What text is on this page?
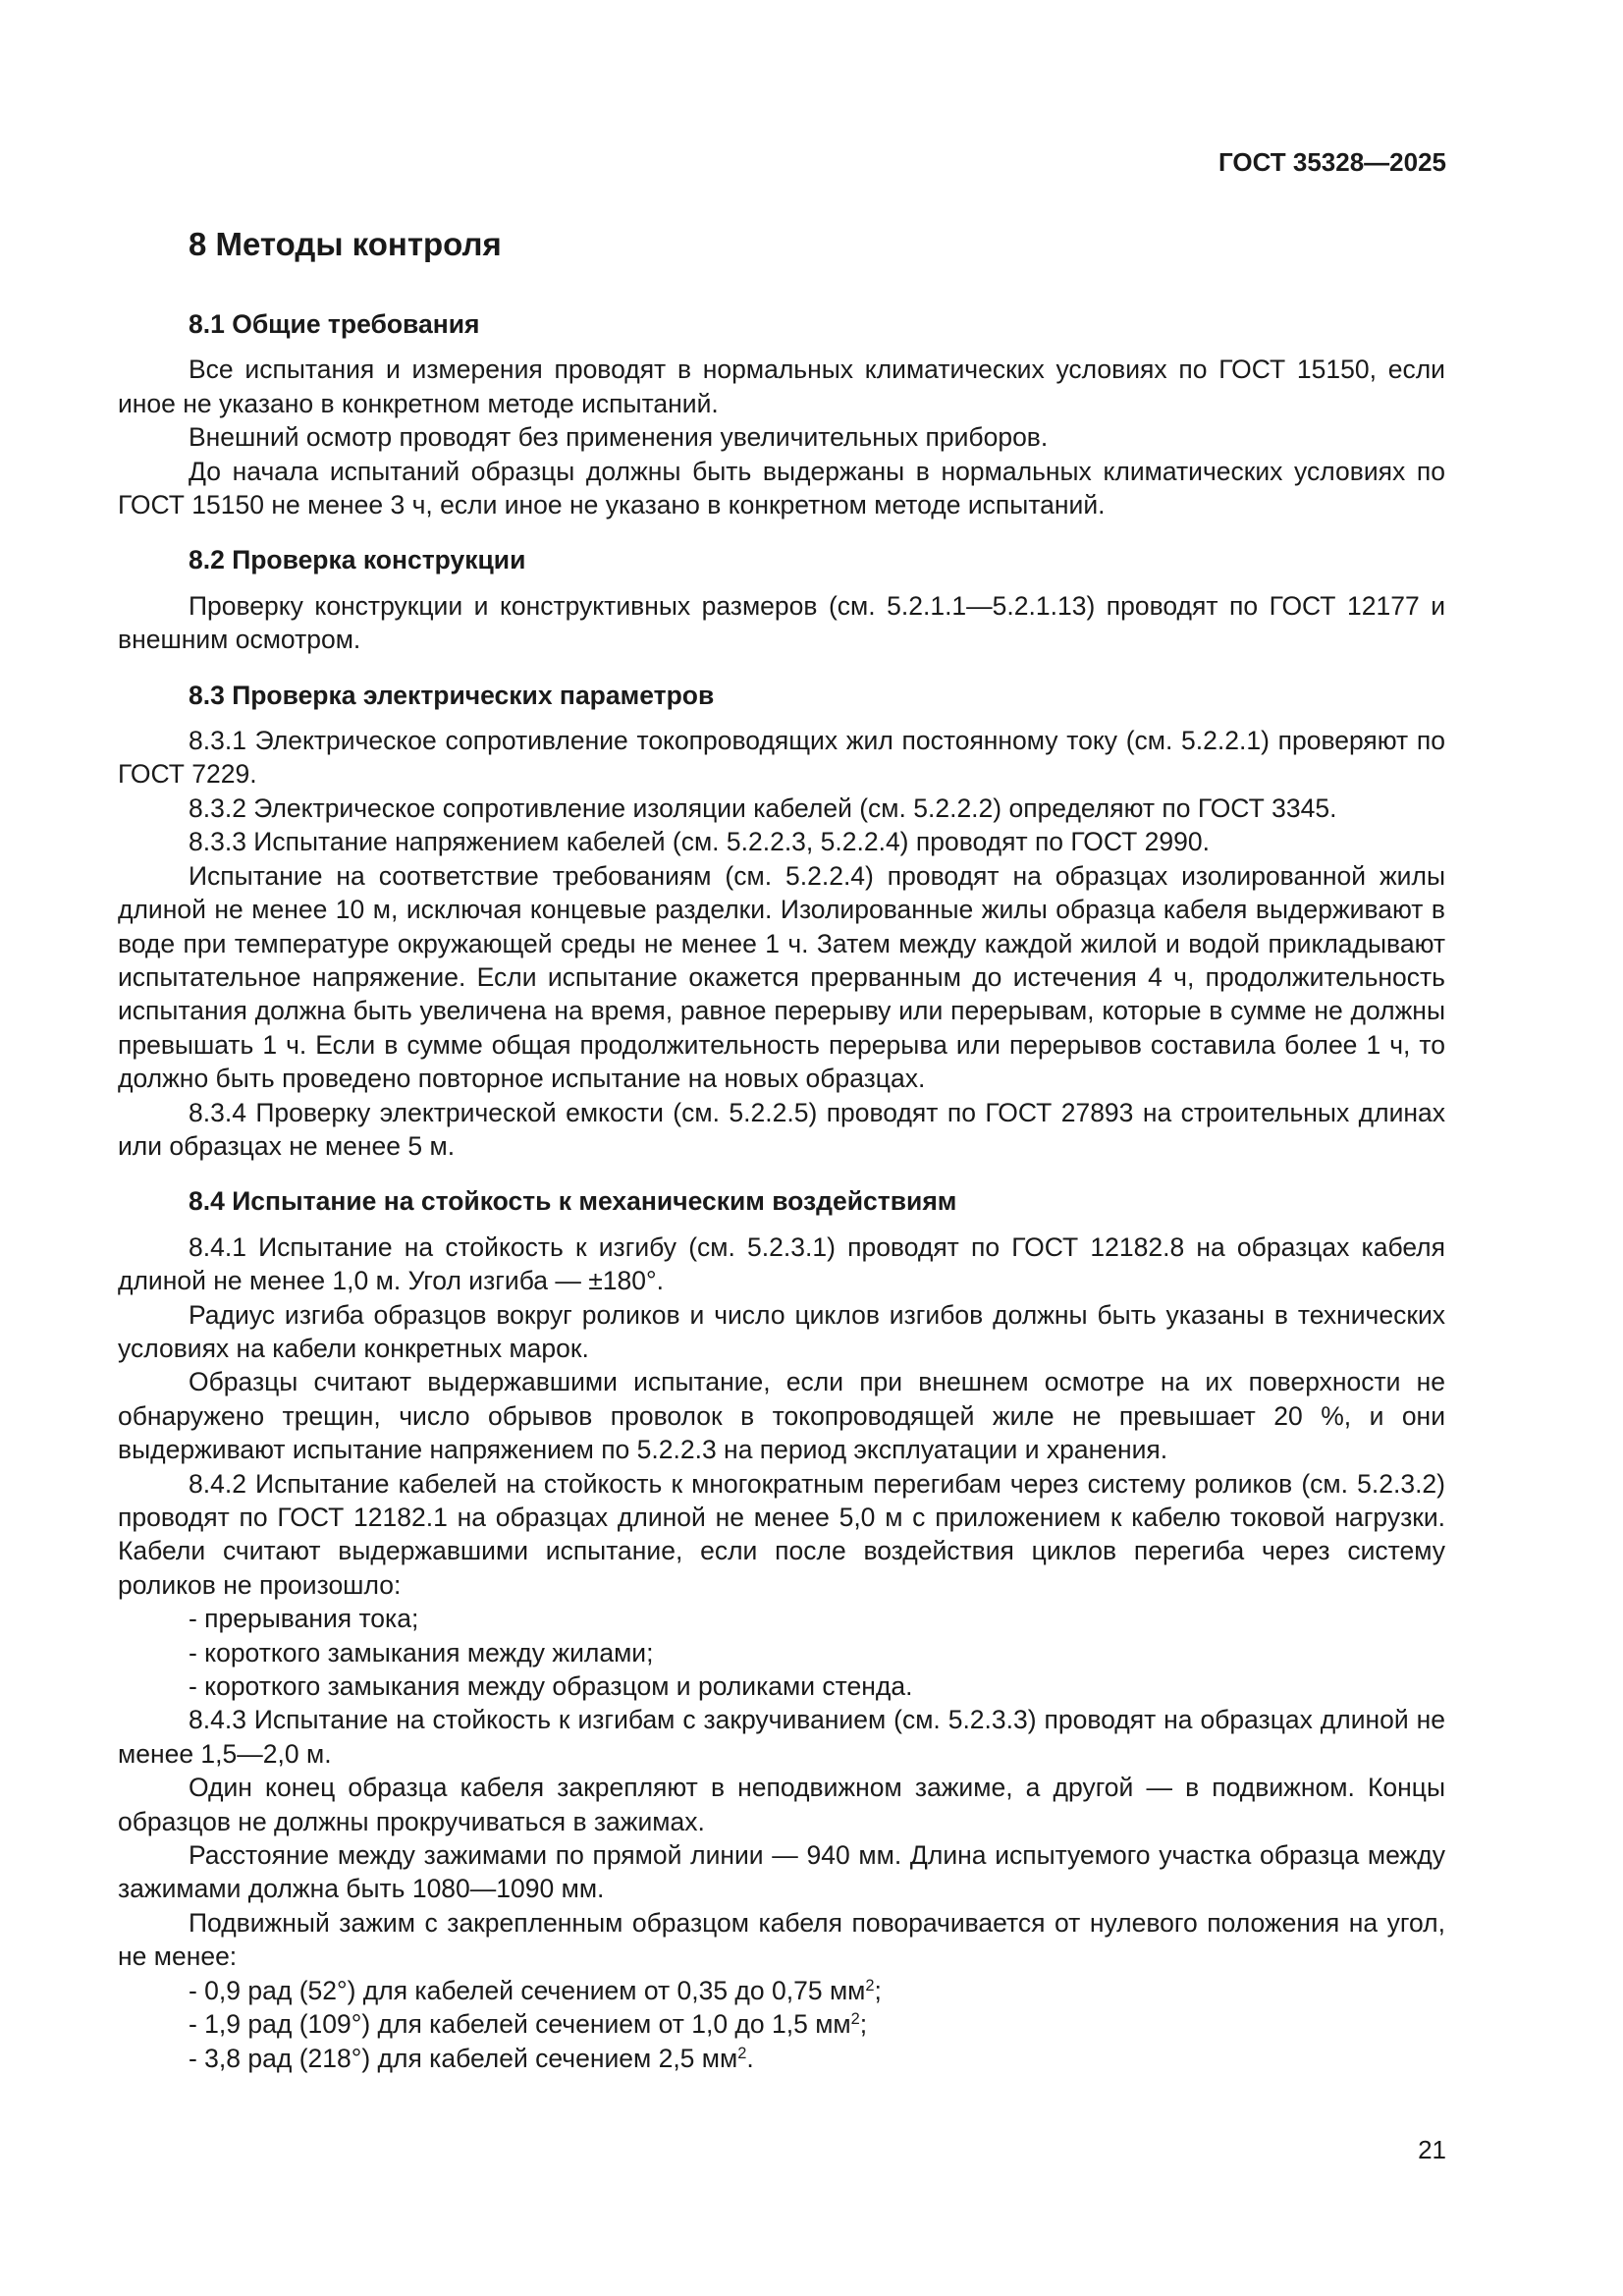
ГОСТ 35328—2025
8 Методы контроля
8.1 Общие требования

Все испытания и измерения проводят в нормальных климатических условиях по ГОСТ 15150, если иное не указано в конкретном методе испытаний.

Внешний осмотр проводят без применения увеличительных приборов.

До начала испытаний образцы должны быть выдержаны в нормальных климатических условиях по ГОСТ 15150 не менее 3 ч, если иное не указано в конкретном методе испытаний.

8.2 Проверка конструкции

Проверку конструкции и конструктивных размеров (см. 5.2.1.1—5.2.1.13) проводят по ГОСТ 12177 и внешним осмотром.

8.3 Проверка электрических параметров

8.3.1 Электрическое сопротивление токопроводящих жил постоянному току (см. 5.2.2.1) проверяют по ГОСТ 7229.

8.3.2 Электрическое сопротивление изоляции кабелей (см. 5.2.2.2) определяют по ГОСТ 3345.

8.3.3 Испытание напряжением кабелей (см. 5.2.2.3, 5.2.2.4) проводят по ГОСТ 2990.

Испытание на соответствие требованиям (см. 5.2.2.4) проводят на образцах изолированной жилы длиной не менее 10 м, исключая концевые разделки. Изолированные жилы образца кабеля выдерживают в воде при температуре окружающей среды не менее 1 ч. Затем между каждой жилой и водой прикладывают испытательное напряжение. Если испытание окажется прерванным до истечения 4 ч, продолжительность испытания должна быть увеличена на время, равное перерыву или перерывам, которые в сумме не должны превышать 1 ч. Если в сумме общая продолжительность перерыва или перерывов составила более 1 ч, то должно быть проведено повторное испытание на новых образцах.

8.3.4 Проверку электрической емкости (см. 5.2.2.5) проводят по ГОСТ 27893 на строительных длинах или образцах не менее 5 м.

8.4 Испытание на стойкость к механическим воздействиям

8.4.1 Испытание на стойкость к изгибу (см. 5.2.3.1) проводят по ГОСТ 12182.8 на образцах кабеля длиной не менее 1,0 м. Угол изгиба — ±180°.

Радиус изгиба образцов вокруг роликов и число циклов изгибов должны быть указаны в технических условиях на кабели конкретных марок.

Образцы считают выдержавшими испытание, если при внешнем осмотре на их поверхности не обнаружено трещин, число обрывов проволок в токопроводящей жиле не превышает 20 %, и они выдерживают испытание напряжением по 5.2.2.3 на период эксплуатации и хранения.

8.4.2 Испытание кабелей на стойкость к многократным перегибам через систему роликов (см. 5.2.3.2) проводят по ГОСТ 12182.1 на образцах длиной не менее 5,0 м с приложением к кабелю токовой нагрузки. Кабели считают выдержавшими испытание, если после воздействия циклов перегиба через систему роликов не произошло:

- прерывания тока;

- короткого замыкания между жилами;

- короткого замыкания между образцом и роликами стенда.

8.4.3 Испытание на стойкость к изгибам с закручиванием (см. 5.2.3.3) проводят на образцах длиной не менее 1,5—2,0 м.

Один конец образца кабеля закрепляют в неподвижном зажиме, а другой — в подвижном. Концы образцов не должны прокручиваться в зажимах.

Расстояние между зажимами по прямой линии — 940 мм. Длина испытуемого участка образца между зажимами должна быть 1080—1090 мм.

Подвижный зажим с закрепленным образцом кабеля поворачивается от нулевого положения на угол, не менее:

- 0,9 рад (52°) для кабелей сечением от 0,35 до 0,75 $мм^2$;

- 1,9 рад (109°) для кабелей сечением от 1,0 до 1,5 $мм^2$;

- 3,8 рад (218°) для кабелей сечением 2,5 $мм^2$.

21
